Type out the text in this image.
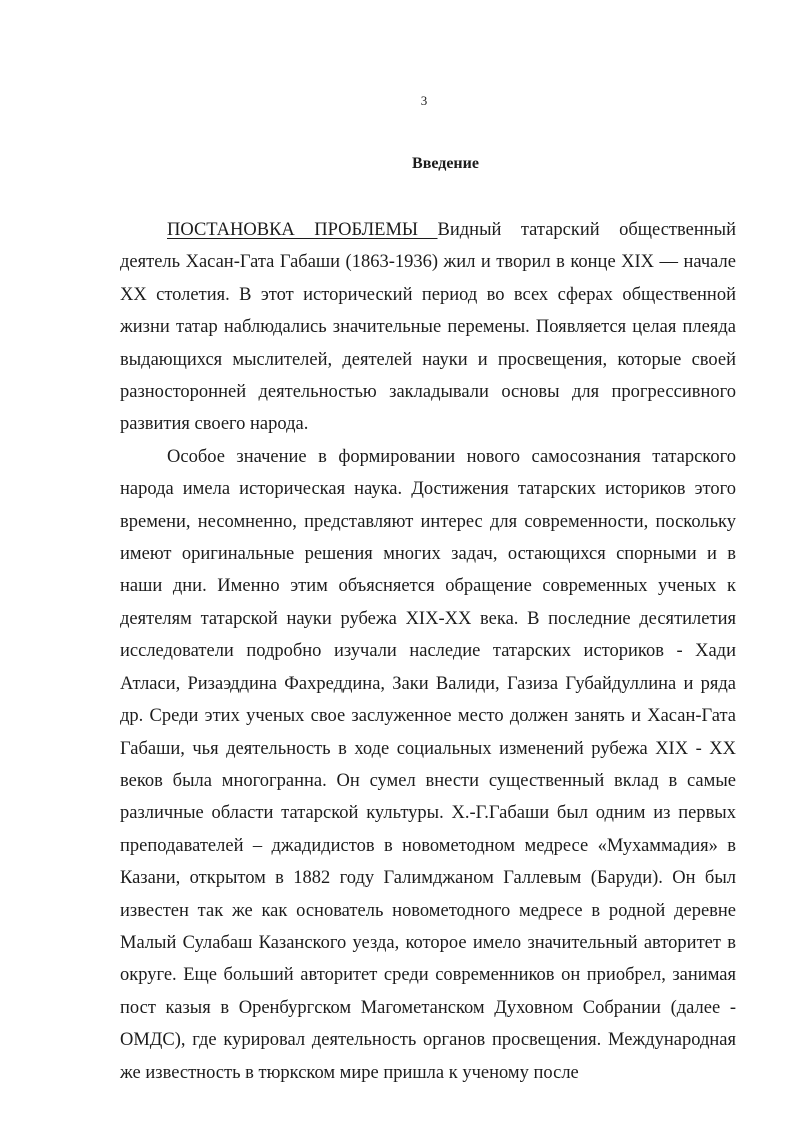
3
Введение

ПОСТАНОВКА ПРОБЛЕМЫ Видный татарский общественный деятель Хасан-Гата Габаши (1863-1936) жил и творил в конце XIX — начале XX столетия. В этот исторический период во всех сферах общественной жизни татар наблюдались значительные перемены. Появляется целая плеяда выдающихся мыслителей, деятелей науки и просвещения, которые своей разносторонней деятельностью закладывали основы для прогрессивного развития своего народа.

Особое значение в формировании нового самосознания татарского народа имела историческая наука. Достижения татарских историков этого времени, несомненно, представляют интерес для современности, поскольку имеют оригинальные решения многих задач, остающихся спорными и в наши дни. Именно этим объясняется обращение современных ученых к деятелям татарской науки рубежа XIX-XX века. В последние десятилетия исследователи подробно изучали наследие татарских историков - Хади Атласи, Ризаэддина Фахреддина, Заки Валиди, Газиза Губайдуллина и ряда др. Среди этих ученых свое заслуженное место должен занять и Хасан-Гата Габаши, чья деятельность в ходе социальных изменений рубежа XIX - XX веков была многогранна. Он сумел внести существенный вклад в самые различные области татарской культуры. Х.-Г.Габаши был одним из первых преподавателей – джадидистов в новометодном медресе «Мухаммадия» в Казани, открытом в 1882 году Галимджаном Галлевым (Баруди). Он был известен так же как основатель новометодного медресе в родной деревне Малый Сулабаш Казанского уезда, которое имело значительный авторитет в округе. Еще больший авторитет среди современников он приобрел, занимая пост казыя в Оренбургском Магометанском Духовном Собрании (далее - ОМДС), где курировал деятельность органов просвещения. Международная же известность в тюркском мире пришла к ученому после
